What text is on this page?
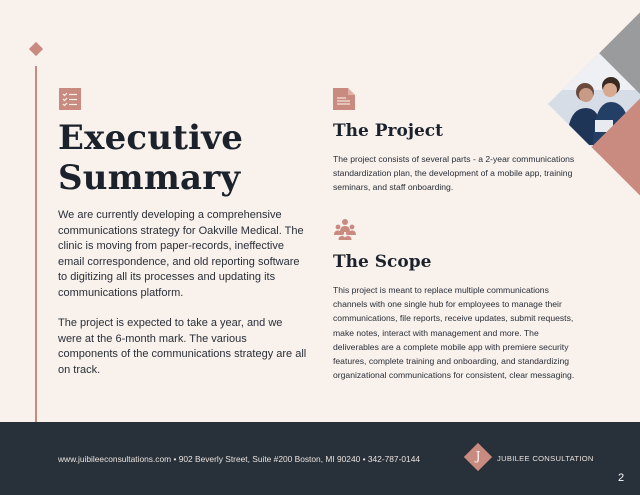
Executive
Summary

We are currently developing a comprehensive communications strategy for Oakville Medical. The clinic is moving from paper-records, ineffective email correspondence, and old reporting software to digitizing all its processes and updating its communications platform.

The project is expected to take a year, and we were at the 6-month mark. The various components of the communications strategy are all on track.

The Project

The project consists of several parts - a 2-year communications standardization plan, the development of a mobile app, training seminars, and staff onboarding.

The Scope

This project is meant to replace multiple communications channels with one single hub for employees to manage their communications, file reports, receive updates, submit requests, make notes, interact with management and more. The deliverables are a complete mobile app with premiere security features, complete training and onboarding, and standardizing organizational communications for consistent, clear messaging.

www.juibileeconsultations.com • 902 Beverly Street, Suite #200 Boston, MI 90240 • 342-787-0144	J	JUBILEE CONSULTATION
2
